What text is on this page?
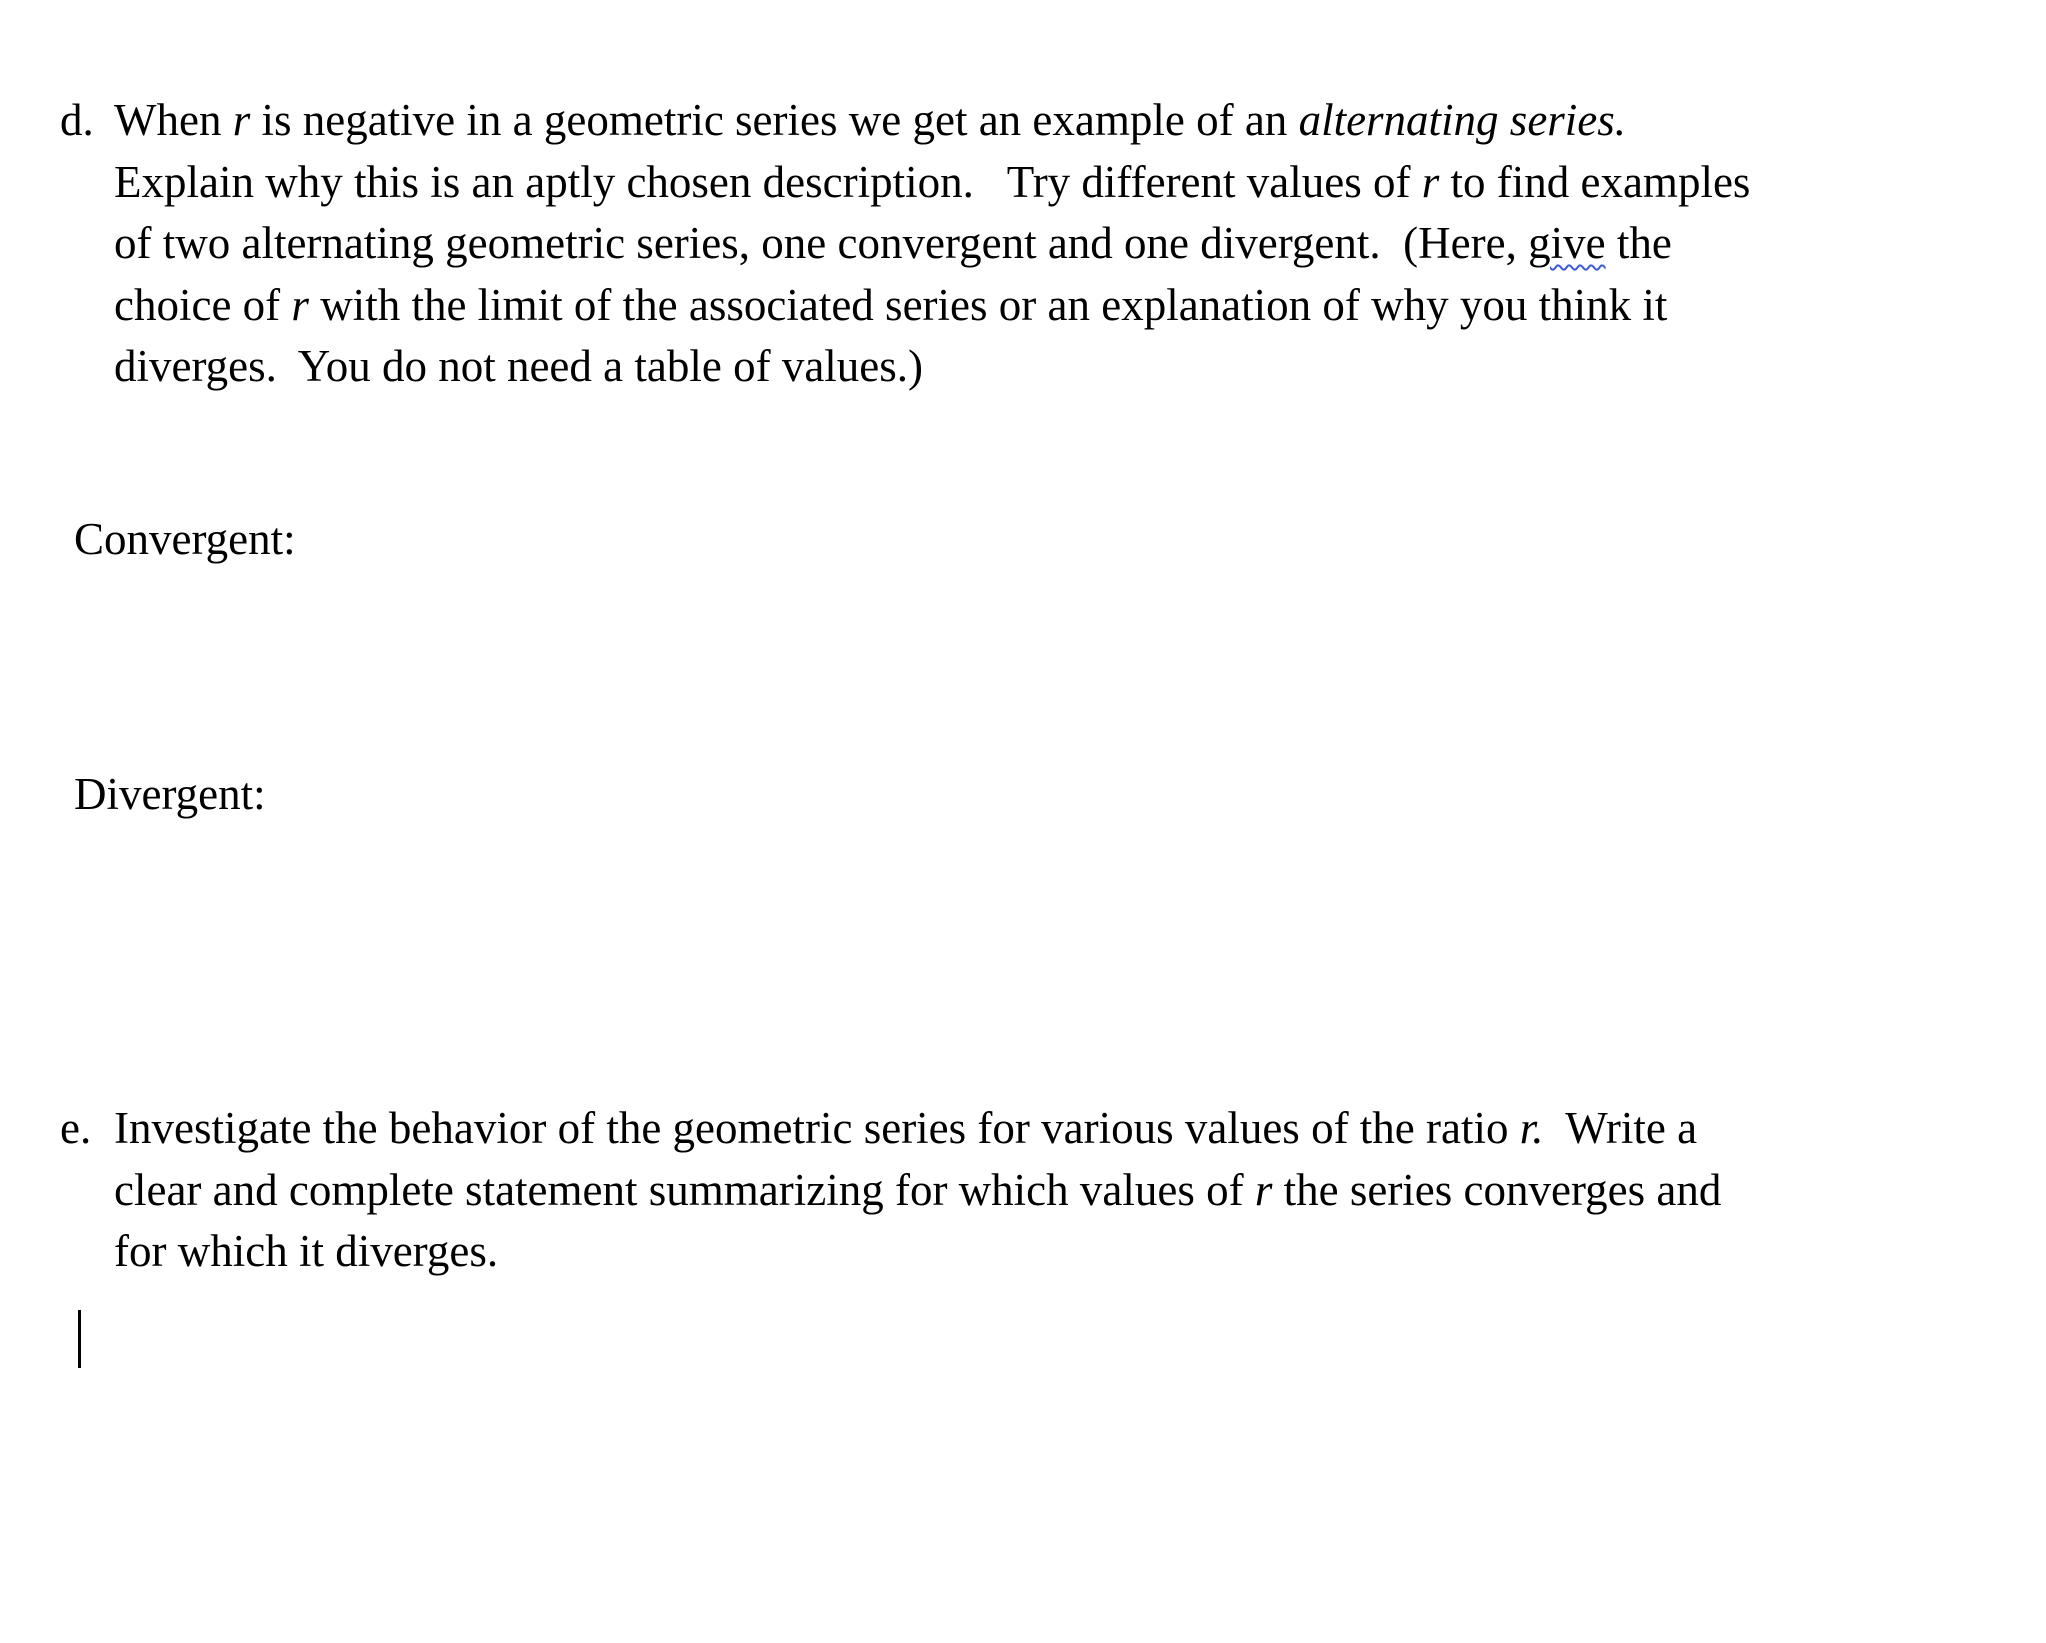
d. When r is negative in a geometric series we get an example of an alternating series.
Explain why this is an aptly chosen description.   Try different values of r to find examples
of two alternating geometric series, one convergent and one divergent.  (Here, give the
choice of r with the limit of the associated series or an explanation of why you think it
diverges.  You do not need a table of values.)

Convergent:
Divergent:
e. Investigate the behavior of the geometric series for various values of the ratio r.  Write a
clear and complete statement summarizing for which values of r the series converges and
for which it diverges.
